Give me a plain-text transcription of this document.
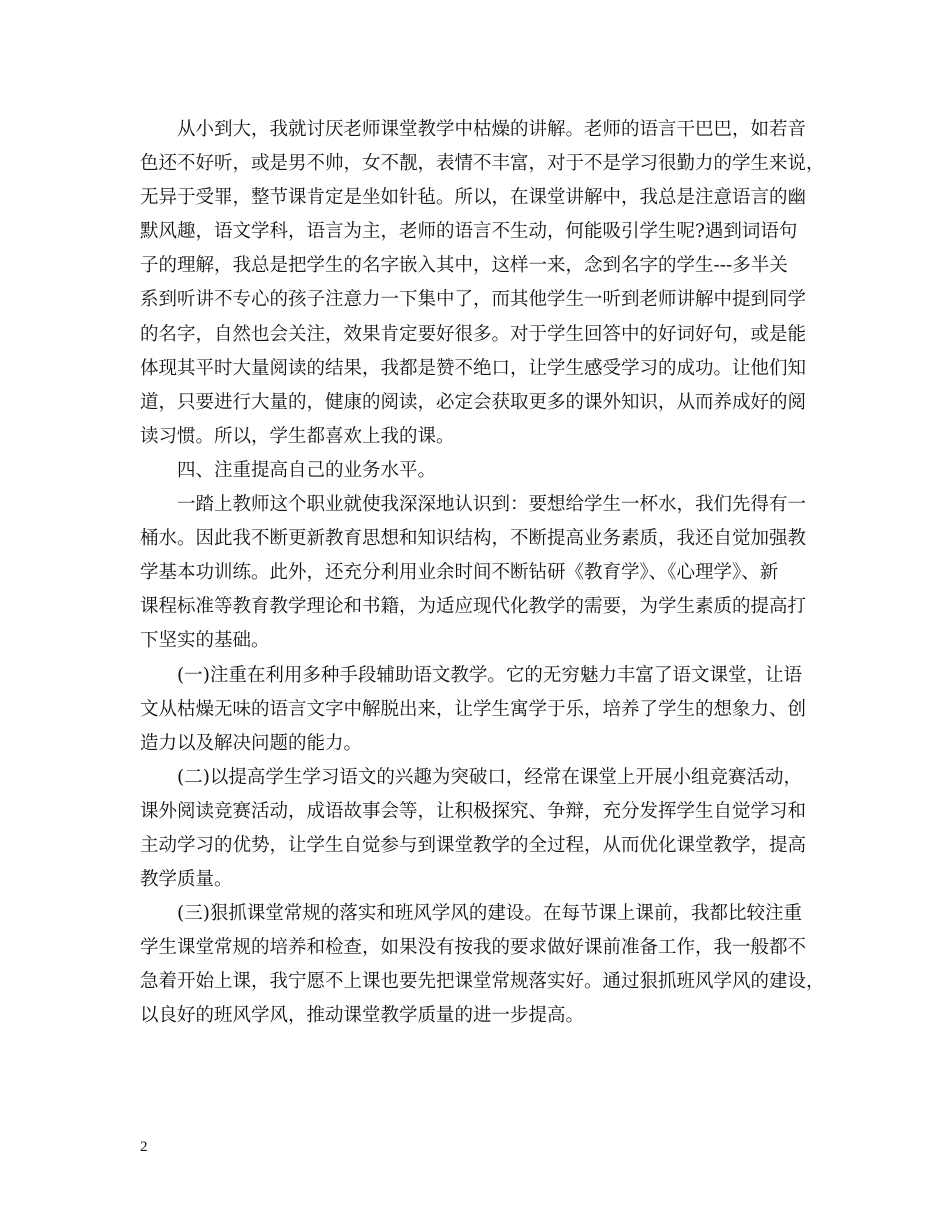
　　从小到大，我就讨厌老师课堂教学中枯燥的讲解。老师的语言干巴巴，如若音
色还不好听，或是男不帅，女不靓，表情不丰富，对于不是学习很勤力的学生来说，
无异于受罪，整节课肯定是坐如针毡。所以，在课堂讲解中，我总是注意语言的幽
默风趣，语文学科，语言为主，老师的语言不生动，何能吸引学生呢?遇到词语句
子的理解，我总是把学生的名字嵌入其中，这样一来，念到名字的学生---多半关
系到听讲不专心的孩子注意力一下集中了，而其他学生一听到老师讲解中提到同学
的名字，自然也会关注，效果肯定要好很多。对于学生回答中的好词好句，或是能
体现其平时大量阅读的结果，我都是赞不绝口，让学生感受学习的成功。让他们知
道，只要进行大量的，健康的阅读，必定会获取更多的课外知识，从而养成好的阅
读习惯。所以，学生都喜欢上我的课。
　　四、注重提高自己的业务水平。
　　一踏上教师这个职业就使我深深地认识到：要想给学生一杯水，我们先得有一
桶水。因此我不断更新教育思想和知识结构，不断提高业务素质，我还自觉加强教
学基本功训练。此外，还充分利用业余时间不断钻研《教育学》、《心理学》、新
课程标准等教育教学理论和书籍，为适应现代化教学的需要，为学生素质的提高打
下坚实的基础。
　　(一)注重在利用多种手段辅助语文教学。它的无穷魅力丰富了语文课堂，让语
文从枯燥无味的语言文字中解脱出来，让学生寓学于乐，培养了学生的想象力、创
造力以及解决问题的能力。
　　(二)以提高学生学习语文的兴趣为突破口，经常在课堂上开展小组竞赛活动，
课外阅读竞赛活动，成语故事会等，让积极探究、争辩，充分发挥学生自觉学习和
主动学习的优势，让学生自觉参与到课堂教学的全过程，从而优化课堂教学，提高
教学质量。
　　(三)狠抓课堂常规的落实和班风学风的建设。在每节课上课前，我都比较注重
学生课堂常规的培养和检查，如果没有按我的要求做好课前准备工作，我一般都不
急着开始上课，我宁愿不上课也要先把课堂常规落实好。通过狠抓班风学风的建设，
以良好的班风学风，推动课堂教学质量的进一步提高。
2
